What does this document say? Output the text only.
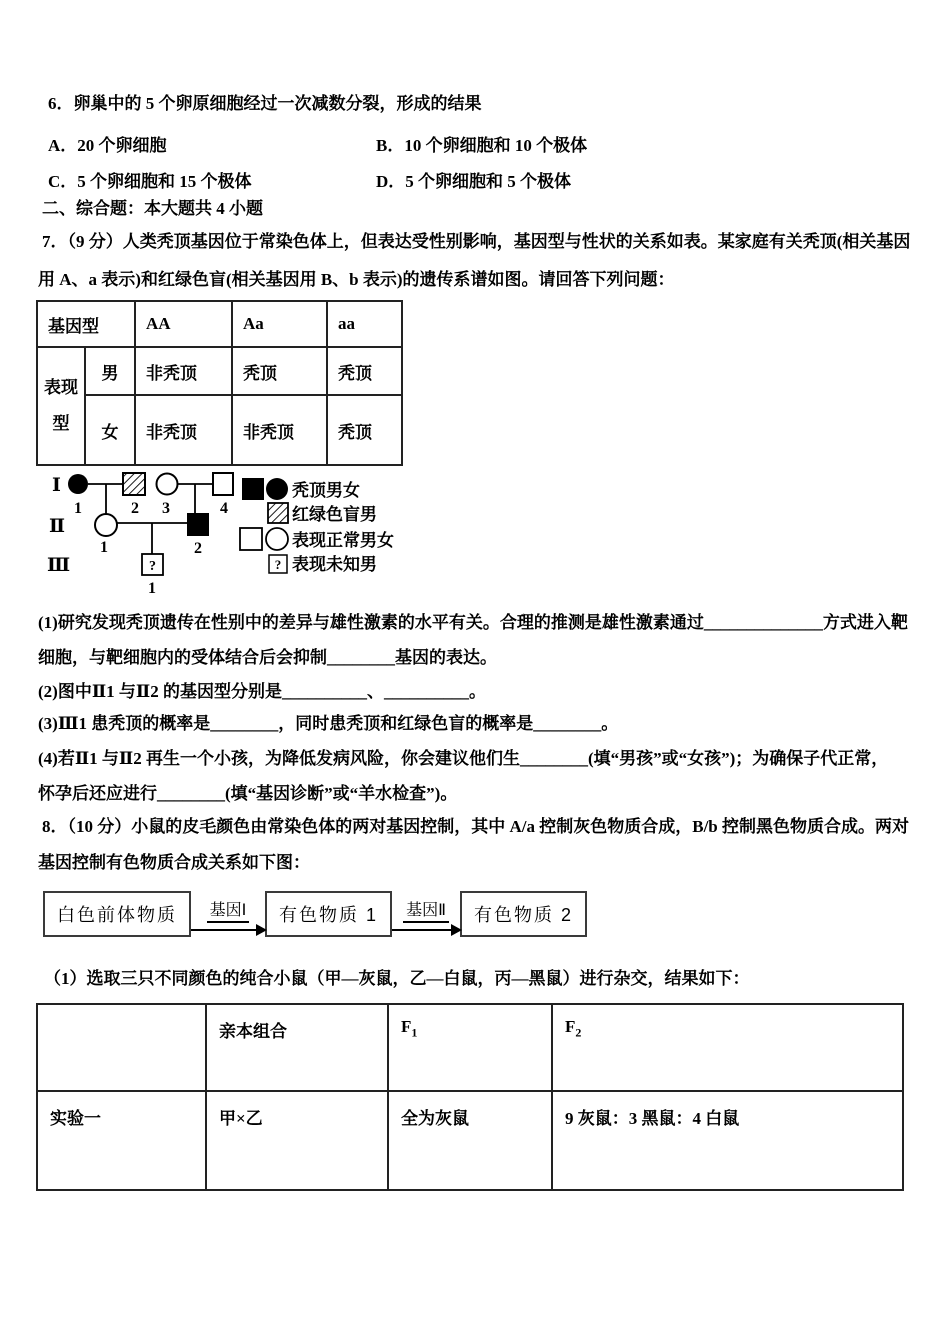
6．卵巢中的 5 个卵原细胞经过一次减数分裂，形成的结果
A．20 个卵细胞	B．10 个卵细胞和 10 个极体
C．5 个卵细胞和 15 个极体	D．5 个卵细胞和 5 个极体
二、综合题：本大题共 4 小题
7．（9 分）人类秃顶基因位于常染色体上，但表达受性别影响，基因型与性状的关系如表。某家庭有关秃顶(相关基因
用 A、a 表示)和红绿色盲(相关基因用 B、b 表示)的遗传系谱如图。请回答下列问题：
基因型		AA	Aa	aa
表现型	男	非秃顶	秃顶	秃顶
	女	非秃顶	非秃顶	秃顶
Ⅰ
Ⅱ
Ⅲ
1	2 3	4
1	2
?
1
秃顶男女
红绿色盲男
表现正常男女
? 表现未知男
(1)研究发现秃顶遗传在性别中的差异与雄性激素的水平有关。合理的推测是雄性激素通过______________方式进入靶
细胞，与靶细胞内的受体结合后会抑制________基因的表达。
(2)图中Ⅱ1 与Ⅱ2 的基因型分别是__________、__________。
(3)Ⅲ1 患秃顶的概率是________，同时患秃顶和红绿色盲的概率是________。
(4)若Ⅱ1 与Ⅱ2 再生一个小孩，为降低发病风险，你会建议他们生________(填“男孩”或“女孩”)；为确保子代正常，
怀孕后还应进行________(填“基因诊断”或“羊水检查”)。
8．（10 分）小鼠的皮毛颜色由常染色体的两对基因控制，其中 A/a 控制灰色物质合成，B/b 控制黑色物质合成。两对
基因控制有色物质合成关系如下图：
白色前体物质	基因Ⅰ	有色物质 1	基因Ⅱ	有色物质 2
（1）选取三只不同颜色的纯合小鼠（甲—灰鼠，乙—白鼠，丙—黑鼠）进行杂交，结果如下：
	亲本组合	$F_1$	$F_2$
实验一	甲×乙	全为灰鼠	9 灰鼠：3 黑鼠：4 白鼠
